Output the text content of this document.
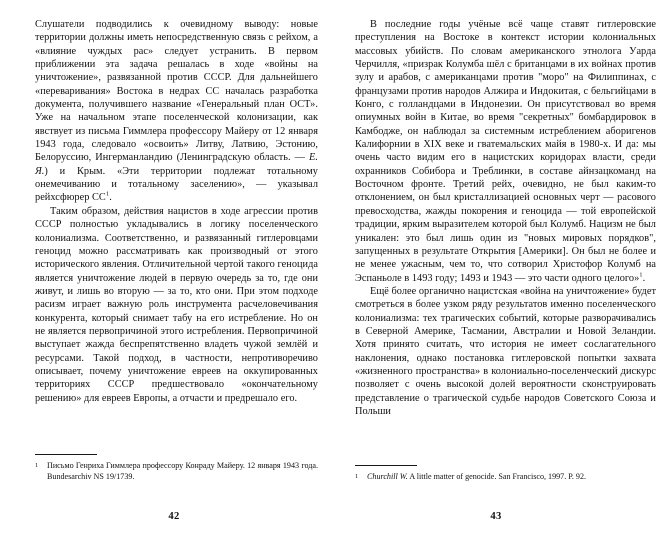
Слушатели подводились к очевидному выводу: новые территории должны иметь непосредственную связь с рейхом, а «влияние чуждых рас» следует устранить. В первом приближении эта задача решалась в ходе «войны на уничтожение», развязанной против СССР. Для дальнейшего «переваривания» Востока в недрах СС началась разработка документа, получившего название «Генеральный план ОСТ». Уже на начальном этапе поселенческой колонизации, как явствует из письма Гиммлера профессору Майеру от 12 января 1943 года, следовало «освоить» Литву, Латвию, Эстонию, Белоруссию, Ингерманландию (Ленинградскую область. — Е. Я.) и Крым. «Эти территории подлежат тотальному онемечиванию и тотальному заселению», — указывал рейхсфюрер СС$^1$.

Таким образом, действия нацистов в ходе агрессии против СССР полностью укладывались в логику поселенческого колониализма. Соответственно, и развязанный гитлеровцами геноцид можно рассматривать как производный от этого исторического явления. Отличительной чертой такого геноцида является уничтожение людей в первую очередь за то, где они живут, и лишь во вторую — за то, кто они. При этом подходе расизм играет важную роль инструмента расчеловечивания конкурента, который снимает табу на его истребление. Но он не является первопричиной этого истребления. Первопричиной выступает жажда беспрепятственно владеть чужой землёй и ресурсами. Такой подход, в частности, непротиворечиво описывает, почему уничтожение евреев на оккупированных территориях СССР предшествовало «окончательному решению» для евреев Европы, а отчасти и предрешало его.

1	Письмо Генриха Гиммлера профессору Конраду Майеру. 12 января 1943 года. Bundesarchiv NS 19/1739.
42

В последние годы учёные всё чаще ставят гитлеровские преступления на Востоке в контекст истории колониальных массовых убийств. По словам американского этнолога Уарда Черчилля, «призрак Колумба шёл с британцами в их войнах против зулу и арабов, с американцами против "моро" на Филиппинах, с французами против народов Алжира и Индокитая, с бельгийцами в Конго, с голландцами в Индонезии. Он присутствовал во время опиумных войн в Китае, во время "секретных" бомбардировок в Камбодже, он наблюдал за системным истреблением аборигенов Калифорнии в XIX веке и гватемальских майя в 1980-х. И да: мы очень часто видим его в нацистских коридорах власти, среди охранников Собибора и Треблинки, в составе айнзацкоманд на Восточном фронте. Третий рейх, очевидно, не был каким-то отклонением, он был кристаллизацией основных черт — расового превосходства, жажды покорения и геноцида — той европейской традиции, ярким выразителем которой был Колумб. Нацизм не был уникален: это был лишь один из "новых мировых порядков", запущенных в результате Открытия [Америки]. Он был не более и не менее ужасным, чем то, что сотворил Христофор Колумб на Эспаньоле в 1493 году; 1493 и 1943 — это части одного целого»$^1$.

Ещё более органично нацистская «война на уничтожение» будет смотреться в более узком ряду результатов именно поселенческого колониализма: тех трагических событий, которые разворачивались в Северной Америке, Тасмании, Австралии и Новой Зеландии. Хотя принято считать, что история не имеет сослагательного наклонения, однако постановка гитлеровской попытки захвата «жизненного пространства» в колониально-поселенческий дискурс позволяет с очень высокой долей вероятности сконструировать представление о трагической судьбе народов Советского Союза и Польши

1	Churchill W. A little matter of genocide. San Francisco, 1997. P. 92.
43
